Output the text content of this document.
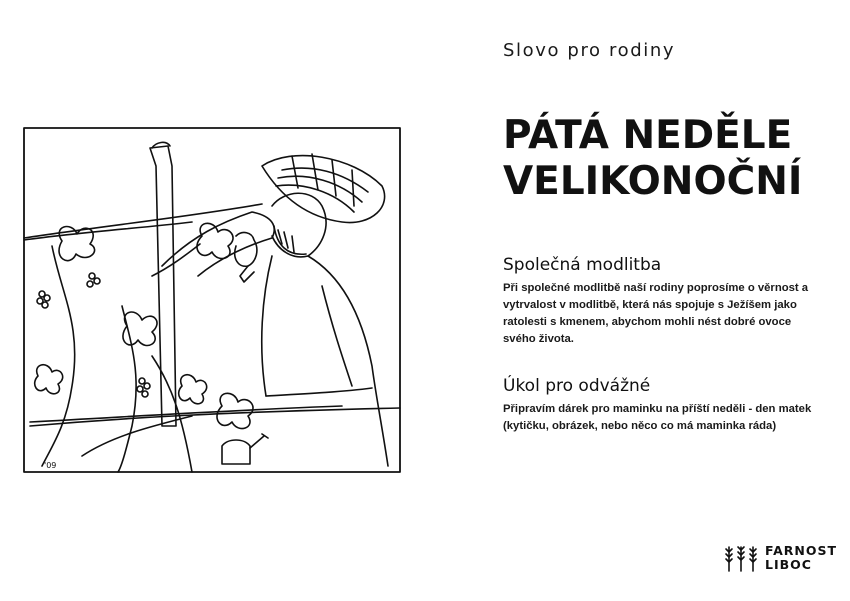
'09
Slovo pro rodiny
PÁTÁ NEDĚLE
VELIKONOČNÍ
Společná modlitba

Při společné modlitbě naší rodiny poprosíme o věrnost a vytrvalost v modlitbě, která nás spojuje s Ježíšem jako ratolesti s kmenem, abychom mohli nést dobré ovoce svého života.

Úkol pro odvážné

Připravím dárek pro maminku na příští neděli - den matek (kytičku, obrázek, nebo něco co má maminka ráda)

FARNOST
LIBOC
